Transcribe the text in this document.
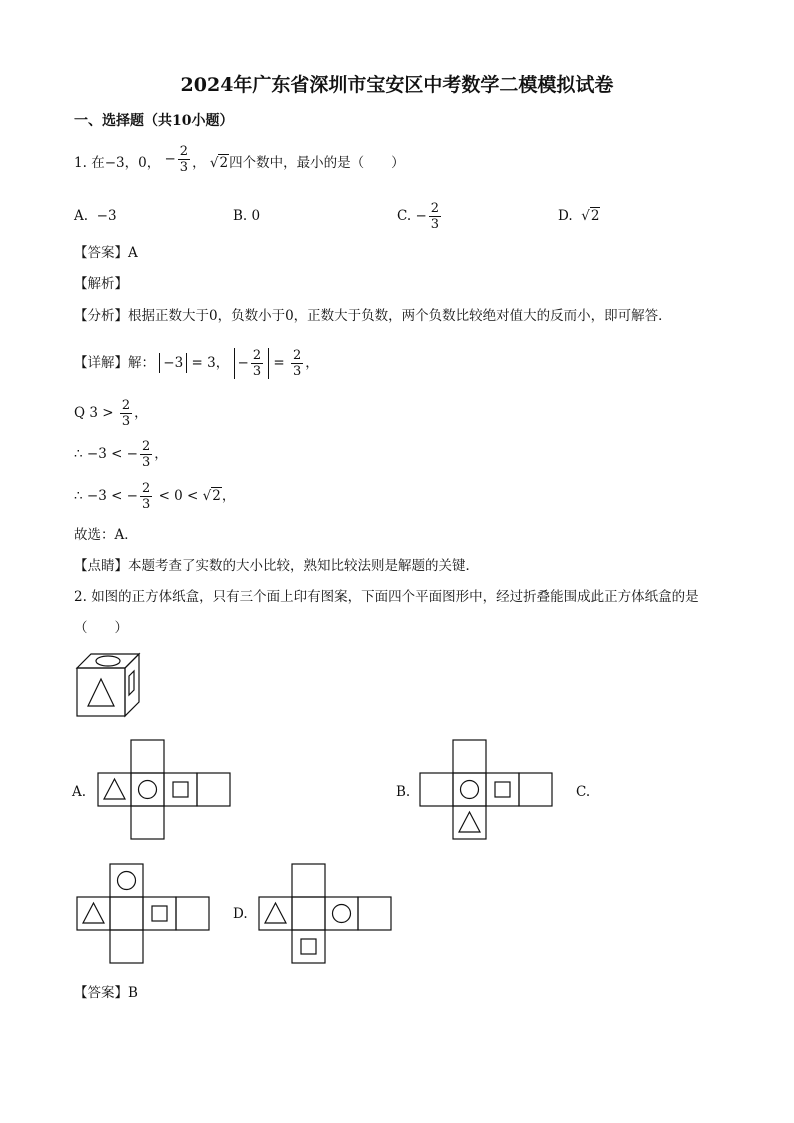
2024年广东省深圳市宝安区中考数学二模模拟试卷
一、选择题（共10小题）
1. 在−3，0， − $\frac{2}{3}$ ， √2四个数中，最小的是（　　）
A. −3	B. 0	C. − $\frac{2}{3}$	D. √2
【答案】A
【解析】
【分析】根据正数大于0，负数小于0，正数大于负数，两个负数比较绝对值大的反而小，即可解答．
【详解】解： −3 = 3， − $\frac{2}{3} = \frac{2}{3}$ ，
Q $3 > \frac{2}{3}$ ，
∴ −3 < − $\frac{2}{3}$ ，
∴ −3 < − $\frac{2}{3} < 0 < √2$，
故选：A．
【点睛】本题考查了实数的大小比较，熟知比较法则是解题的关键．
2. 如图的正方体纸盒，只有三个面上印有图案，下面四个平面图形中，经过折叠能围成此正方体纸盒的是
（　　）
A.	B.	C.
D.
【答案】B
